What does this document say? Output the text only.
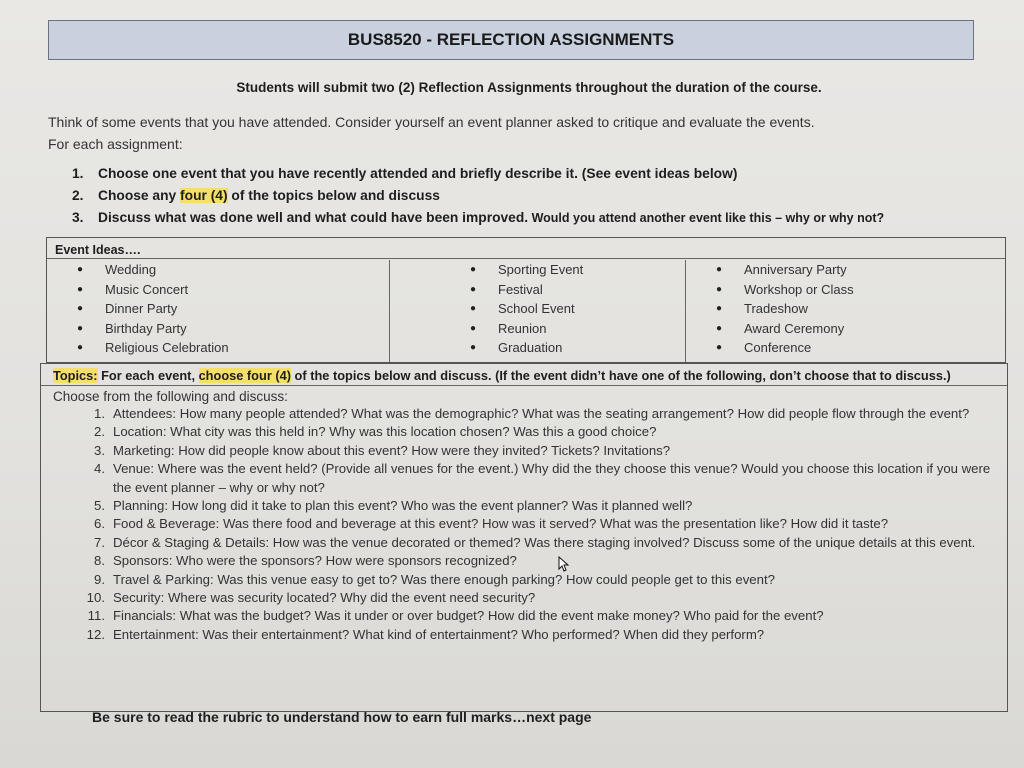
BUS8520 - REFLECTION ASSIGNMENTS
Students will submit two (2) Reflection Assignments throughout the duration of the course.
Think of some events that you have attended. Consider yourself an event planner asked to critique and evaluate the events.
For each assignment:
1.	Choose one event that you have recently attended and briefly describe it. (See event ideas below)
2.	Choose any four (4) of the topics below and discuss
3.	Discuss what was done well and what could have been improved. Would you attend another event like this – why or why not?
Event Ideas….
●	Wedding
●	Music Concert
●	Dinner Party
●	Birthday Party
●	Religious Celebration
●	Sporting Event
●	Festival
●	School Event
●	Reunion
●	Graduation
●	Anniversary Party
●	Workshop or Class
●	Tradeshow
●	Award Ceremony
●	Conference
Topics: For each event, choose four (4) of the topics below and discuss. (If the event didn’t have one of the following, don’t choose that to discuss.)
Choose from the following and discuss:
1. Attendees: How many people attended? What was the demographic? What was the seating arrangement? How did people flow through the event?
2. Location: What city was this held in? Why was this location chosen? Was this a good choice?
3. Marketing: How did people know about this event? How were they invited? Tickets? Invitations?
4. Venue: Where was the event held? (Provide all venues for the event.) Why did the they choose this venue? Would you choose this location if you were the event planner – why or why not?
5. Planning: How long did it take to plan this event? Who was the event planner? Was it planned well?
6. Food & Beverage: Was there food and beverage at this event? How was it served? What was the presentation like? How did it taste?
7. Décor & Staging & Details: How was the venue decorated or themed? Was there staging involved? Discuss some of the unique details at this event.
8. Sponsors: Who were the sponsors? How were sponsors recognized?
9. Travel & Parking: Was this venue easy to get to? Was there enough parking? How could people get to this event?
10. Security: Where was security located? Why did the event need security?
11. Financials: What was the budget? Was it under or over budget? How did the event make money? Who paid for the event?
12. Entertainment: Was their entertainment? What kind of entertainment? Who performed? When did they perform?
Be sure to read the rubric to understand how to earn full marks…next page
